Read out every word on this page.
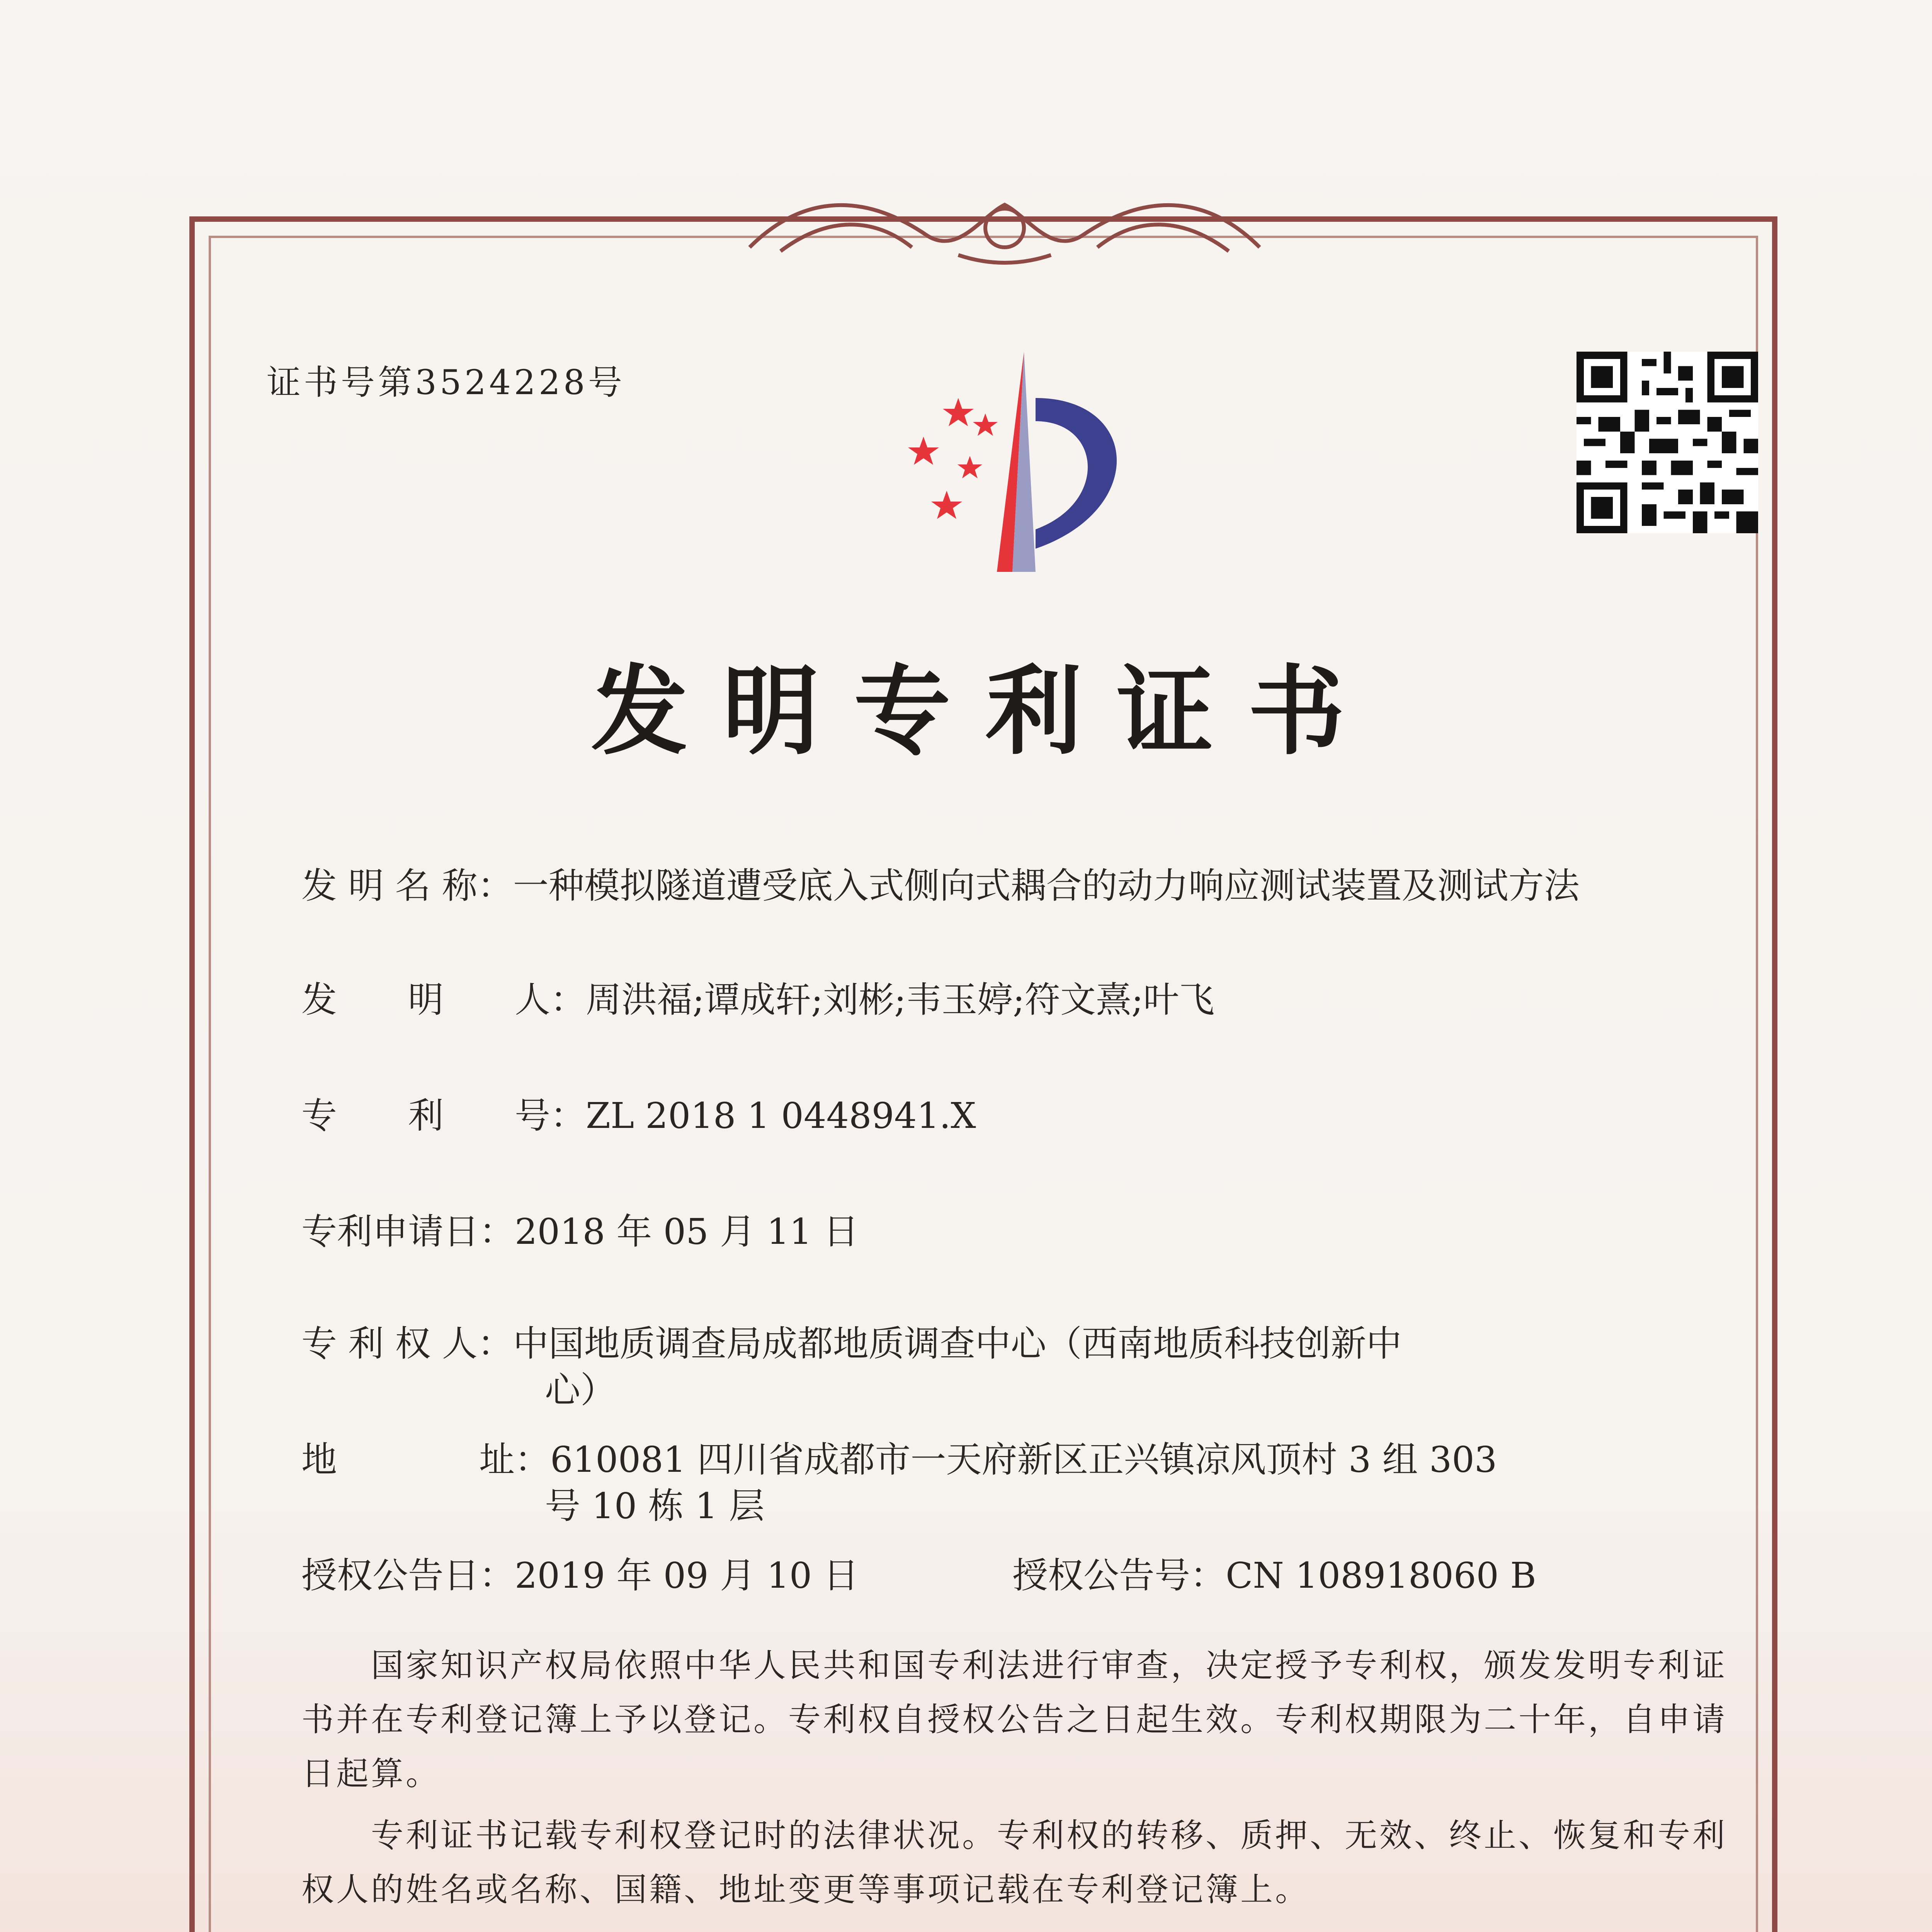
证书号第3524228号
发明专利证书
发 明 名 称：一种模拟隧道遭受底入式侧向式耦合的动力响应测试装置及测试方法
发　　明　　人：周洪福;谭成轩;刘彬;韦玉婷;符文熹;叶飞
专　　利　　号：ZL 2018 1 0448941.X
专利申请日：2018 年 05 月 11 日
专 利 权 人：中国地质调查局成都地质调查中心（西南地质科技创新中
心）
地　　　　址：610081 四川省成都市一天府新区正兴镇凉风顶村 3 组 303
号 10 栋 1 层
授权公告日：2019 年 09 月 10 日	授权公告号：CN 108918060 B
国家知识产权局依照中华人民共和国专利法进行审查，决定授予专利权，颁发发明专利证书并在专利登记簿上予以登记。专利权自授权公告之日起生效。专利权期限为二十年，自申请日起算。
专利证书记载专利权登记时的法律状况。专利权的转移、质押、无效、终止、恢复和专利权人的姓名或名称、国籍、地址变更等事项记载在专利登记簿上。
